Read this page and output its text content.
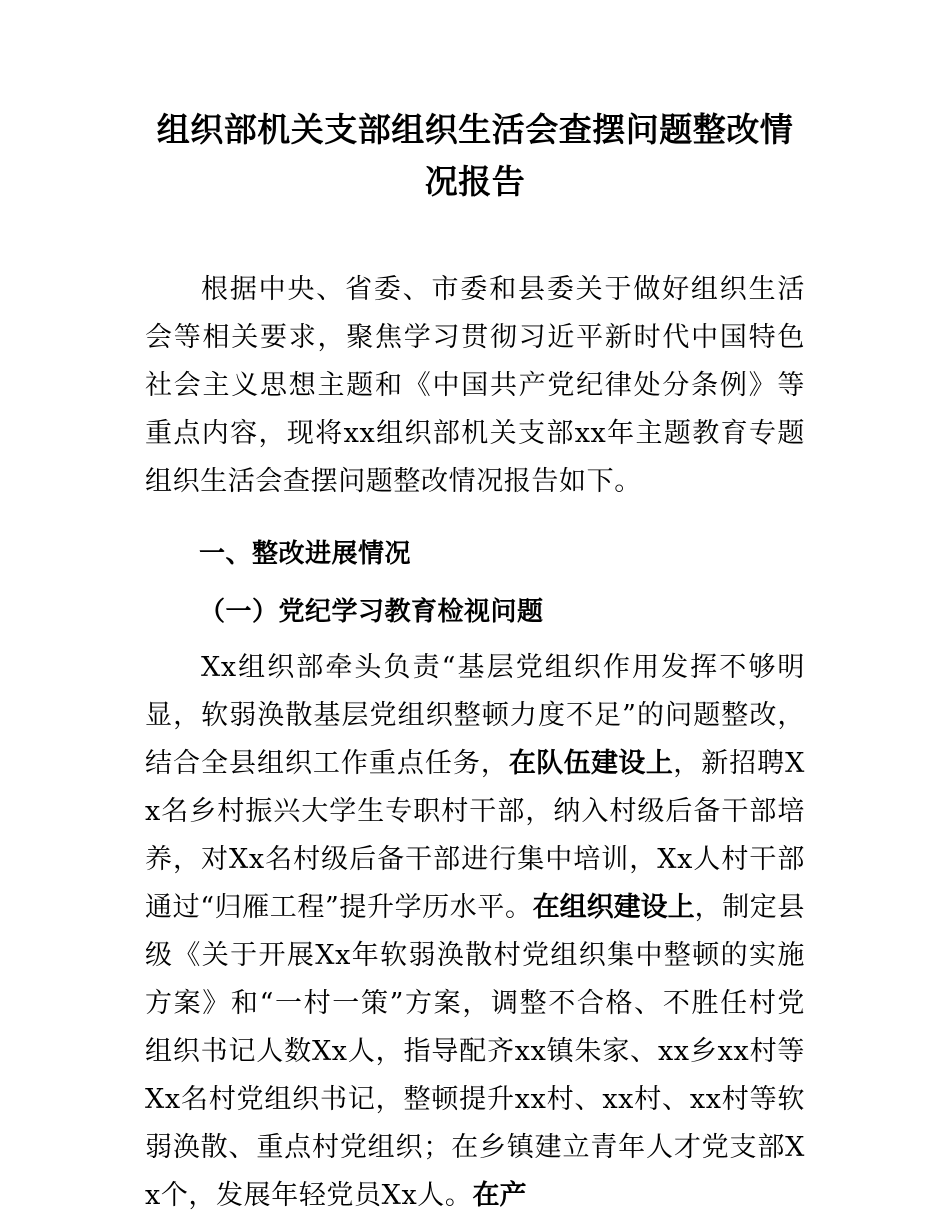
组织部机关支部组织生活会查摆问题整改情况报告

根据中央、省委、市委和县委关于做好组织生活会等相关要求，聚焦学习贯彻习近平新时代中国特色社会主义思想主题和《中国共产党纪律处分条例》等重点内容，现将xx组织部机关支部xx年主题教育专题组织生活会查摆问题整改情况报告如下。

一、整改进展情况
（一）党纪学习教育检视问题

Xx组织部牵头负责“基层党组织作用发挥不够明显，软弱涣散基层党组织整顿力度不足”的问题整改，结合全县组织工作重点任务，在队伍建设上，新招聘Xx名乡村振兴大学生专职村干部，纳入村级后备干部培养，对Xx名村级后备干部进行集中培训，Xx人村干部通过“归雁工程”提升学历水平。在组织建设上，制定县级《关于开展Xx年软弱涣散村党组织集中整顿的实施方案》和“一村一策”方案，调整不合格、不胜任村党组织书记人数Xx人，指导配齐xx镇朱家、xx乡xx村等Xx名村党组织书记，整顿提升xx村、xx村、xx村等软弱涣散、重点村党组织；在乡镇建立青年人才党支部Xx个，发展年轻党员Xx人。在产
